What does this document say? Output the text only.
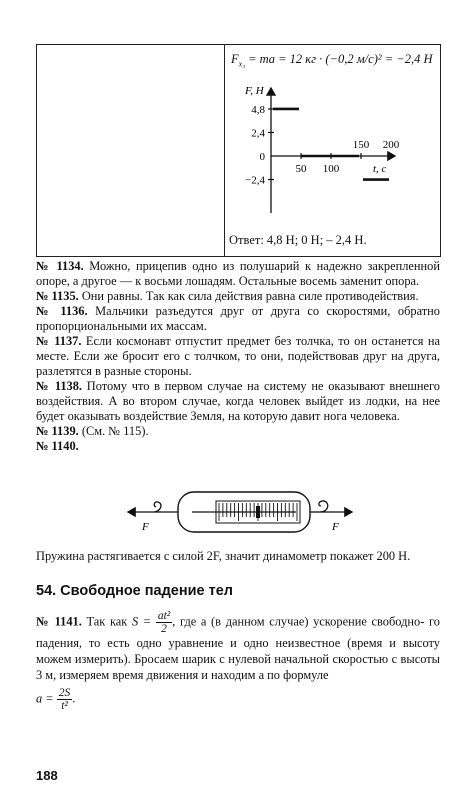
$F_{x_3}$ = ma = 12 кг · (−0,2 м/с)² = −2,4 Н
F, Н
t, с
4,8
2,4
0
−2,4
50 100
150 200
Ответ: 4,8 Н; 0 Н; – 2,4 Н.
№ 1134. Можно, прицепив одно из полушарий к надежно закрепленной опоре, а другое — к восьми лошадям. Остальные восемь заменит опора.
№ 1135. Они равны. Так как сила действия равна силе противодействия.
№ 1136. Мальчики разъедутся друг от друга со скоростями, обратно пропорциональными их массам.
№ 1137. Если космонавт отпустит предмет без толчка, то он останется на месте. Если же бросит его с толчком, то они, подействовав друг на друга, разлетятся в разные стороны.
№ 1138. Потому что в первом случае на систему не оказывают внешнего воздействия. А во втором случае, когда человек выйдет из лодки, на нее будет оказывать воздействие Земля, на которую давит нога человека.
№ 1139. (См. № 115).
№ 1140.
F	F
Пружина растягивается с силой 2F, значит динамометр покажет 200 Н.
54. Свободное падение тел
№ 1141. Так как $S = \frac{\text{at²}}{2}$ , где a (в данном случае) ускорение свободно- го падения, то есть одно уравнение и одно неизвестное (время и высоту можем измерить). Бросаем шарик с нулевой начальной скоростью с высоты 3 м, измеряем время движения и находим a по формуле
$a = \frac{2S}{\text{t²}}$ .
188
